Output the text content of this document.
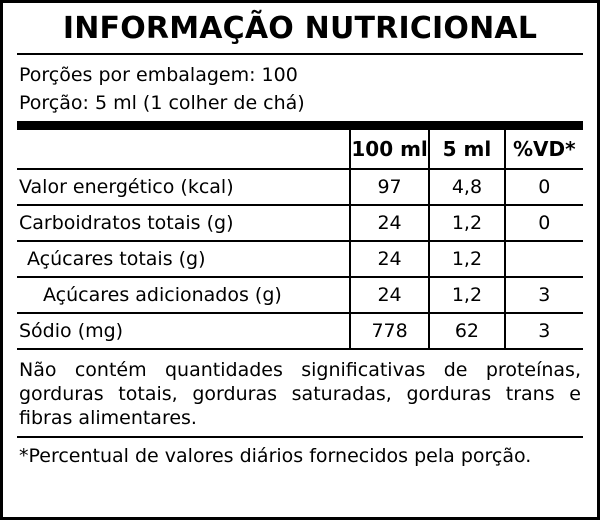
INFORMAÇÃO NUTRICIONAL
Porções por embalagem: 100
Porção: 5 ml (1 colher de chá)
	100 ml	5 ml	%VD*
Valor energético (kcal)	97	4,8	0
Carboidratos totais (g)	24	1,2	0
Açúcares totais (g)	24	1,2	
Açúcares adicionados (g)	24	1,2	3
Sódio (mg)	778	62	3
Não contém quantidades significativas de proteínas, gorduras totais, gorduras saturadas, gorduras trans e fibras alimentares.
*Percentual de valores diários fornecidos pela porção.
